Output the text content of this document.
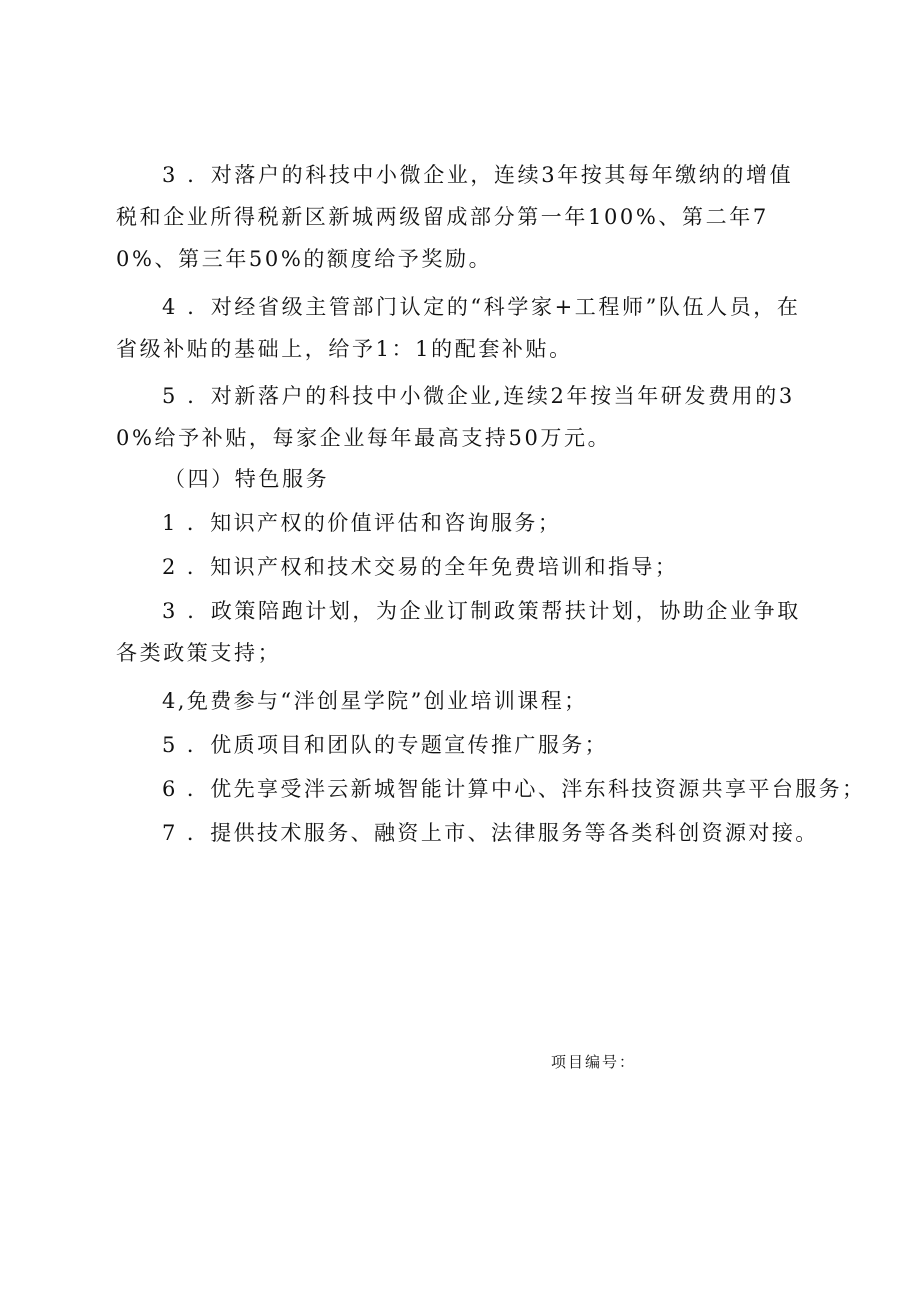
3 ．对落户的科技中小微企业，连续3年按其每年缴纳的增值税和企业所得税新区新城两级留成部分第一年100%、第二年70%、第三年50%的额度给予奖励。
4 ．对经省级主管部门认定的“科学家+工程师”队伍人员，在省级补贴的基础上，给予1：1的配套补贴。
5 ．对新落户的科技中小微企业,连续2年按当年研发费用的30%给予补贴，每家企业每年最高支持50万元。
（四）特色服务
1 ．知识产权的价值评估和咨询服务；
2 ．知识产权和技术交易的全年免费培训和指导；
3 ．政策陪跑计划，为企业订制政策帮扶计划，协助企业争取各类政策支持；
4,免费参与“泮创星学院”创业培训课程；
5 ．优质项目和团队的专题宣传推广服务；
6 ．优先享受泮云新城智能计算中心、泮东科技资源共享平台服务；
7 ．提供技术服务、融资上市、法律服务等各类科创资源对接。
项目编号：
